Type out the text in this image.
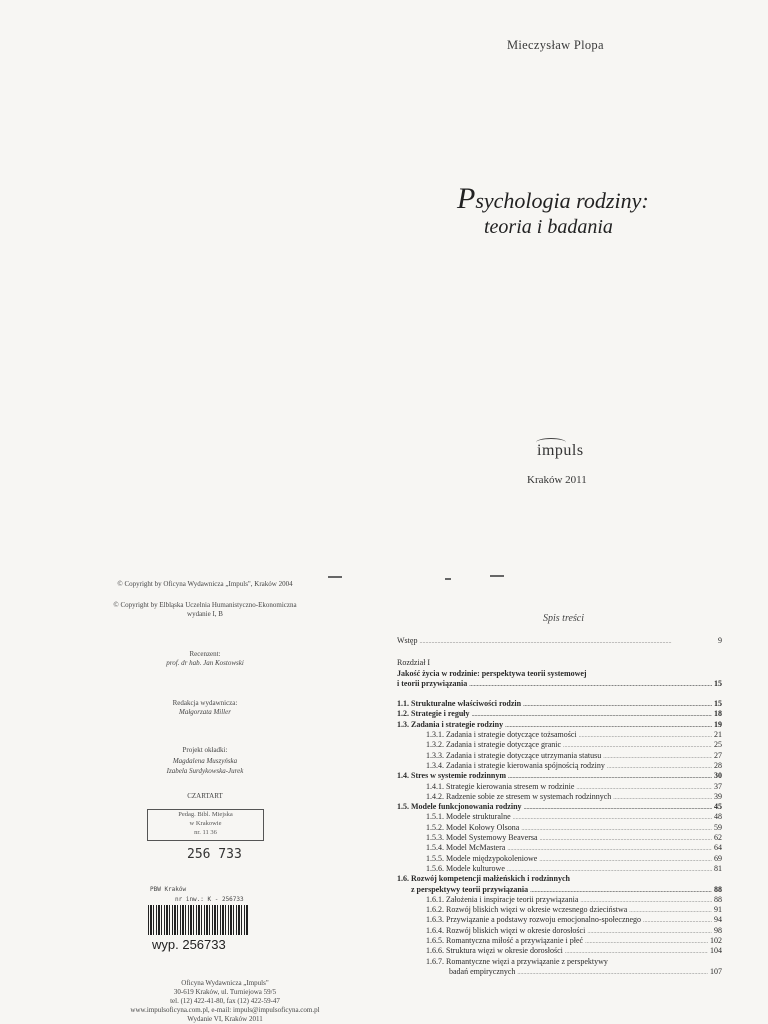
Mieczysław Plopa
Psychologia rodziny:
teoria i badania
impuls
Kraków 2011
© Copyright by Oficyna Wydawnicza „Impuls", Kraków 2004
© Copyright by Elbląska Uczelnia Humanistyczno-Ekonomiczna
wydanie I, B
Recenzent:
prof. dr hab. Jan Kostowski
Redakcja wydawnicza:
Małgorzata Miller
Projekt okładki:
Magdalena Muszyńska
Izabela Surdykowska-Jurek
CZARTART
Pedag. Bibl. Miejska
w Krakowie
nr. 11 36
256 733
PBW Kraków
nr inw.: K - 256733
wyp. 256733
Oficyna Wydawnicza „Impuls"
30-619 Kraków, ul. Turniejowa 59/5
tel. (12) 422-41-80, fax (12) 422-59-47
www.impulsoficyna.com.pl, e-mail: impuls@impulsoficyna.com.pl
Wydanie VI, Kraków 2011
Spis treści
Wstęp .....	9
Rozdział I
Jakość życia w rodzinie: perspektywa teorii systemowej
i teorii przywiązania .....	15
1.1. Strukturalne właściwości rodzin .....	15
1.2. Strategie i reguły .....	18
1.3. Zadania i strategie rodziny .....	19
1.3.1. Zadania i strategie dotyczące tożsamości .....	21
1.3.2. Zadania i strategie dotyczące granic .....	25
1.3.3. Zadania i strategie dotyczące utrzymania statusu .....	27
1.3.4. Zadania i strategie kierowania spójnością rodziny .....	28
1.4. Stres w systemie rodzinnym .....	30
1.4.1. Strategie kierowania stresem w rodzinie .....	37
1.4.2. Radzenie sobie ze stresem w systemach rodzinnych .....	39
1.5. Modele funkcjonowania rodziny .....	45
1.5.1. Modele strukturalne .....	48
1.5.2. Model Kołowy Olsona .....	59
1.5.3. Model Systemowy Beaversa .....	62
1.5.4. Model McMastera .....	64
1.5.5. Modele międzypokoleniowe .....	69
1.5.6. Modele kulturowe .....	81
1.6. Rozwój kompetencji małżeńskich i rodzinnych
z perspektywy teorii przywiązania .....	88
1.6.1. Założenia i inspiracje teorii przywiązania .....	88
1.6.2. Rozwój bliskich więzi w okresie wczesnego dzieciństwa .....	91
1.6.3. Przywiązanie a podstawy rozwoju emocjonalno-społecznego .....	94
1.6.4. Rozwój bliskich więzi w okresie dorosłości .....	98
1.6.5. Romantyczna miłość a przywiązanie i płeć .....	102
1.6.6. Struktura więzi w okresie dorosłości .....	104
1.6.7. Romantyczne więzi a przywiązanie z perspektywy
badań empirycznych .....	107
